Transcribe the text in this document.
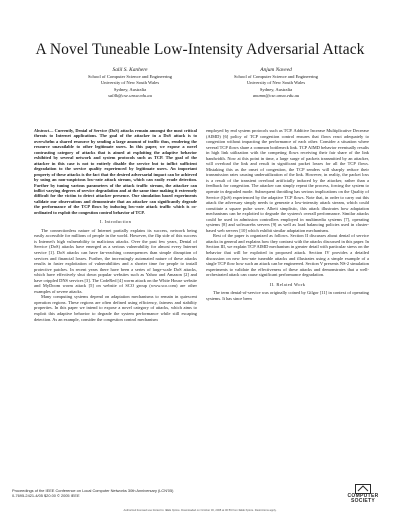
A Novel Tuneable Low-Intensity Adversarial Attack
Salil S. Kanhere
School of Computer Science and Engineering
University of New South Wales
Sydney, Australia
salilk@cse.unsw.edu.au
Anjum Naveed
School of Computer Science and Engineering
University of New South Wales
Sydney, Australia
anumn@cse.unsw.edu.au

Abstract— Currently, Denial of Service (DoS) attacks remain amongst the most critical threats to Internet applications. The goal of the attacker in a DoS attack is to overwhelm a shared resource by sending a large amount of traffic thus, rendering the resource unavailable to other legitimate users. In this paper, we expose a novel contrasting category of attacks that is aimed at exploiting the adaptive behavior exhibited by several network and system protocols such as TCP. The goal of the attacker in this case is not to entirely disable the service but to inflict sufficient degradation to the service quality experienced by legitimate users. An important property of these attacks is the fact that the desired adversarial impact can be achieved by using an non-suspicious low-rate attack stream, which can easily evade detection. Further by tuning various parameters of the attack traffic stream, the attacker can inflict varying degrees of service degradation and at the same time making it extremely difficult for the victim to detect attacker presence. Our simulation based experiments validate our observations and demonstrate that an attacker can significantly degrade the performance of the TCP flows by inducing low-rate attack traffic which is co-ordinated to exploit the congestion control behavior of TCP.

I. Introduction

The connectionless nature of Internet partially explains its success, network being easily accessible for millions of people in the world. However, the flip side of this success is Internet's high vulnerability to malicious attacks. Over the past few years, Denial of Service (DoS) attacks have emerged as a serious vulnerability for almost every Internet service [1]. DoS attacks can have far-reaching consequences than simple disruption of services and financial losses. Further, the increasingly automated nature of these attacks results in faster exploitation of vulnerabilities and a shorter time for people to install protective patches. In recent years there have been a series of large-scale DoS attacks, which have effectively shut down popular websites such as Yahoo and Amazon [2] and have crippled DNS services [3]. The CodeRed [4] worm attack on the White House website and MyDoom worm attack [5] on website of SCO group (www.sco.com) are other examples of severe attacks.

Many computing systems depend on adaptation mechanisms to remain in quiescent operation regions. These regions are often defined using efficiency, fairness and stability properties. In this paper we intend to expose a novel category of attacks, which aims to exploit this adaptive behavior to degrade the system performance while still escaping detection. As an example, consider the congestion control mechanism

employed by end system protocols such as TCP. Additive Increase Multiplicative Decrease (AIMD) [6] policy of TCP congestion control ensures that flows react adequately to congestion without impacting the performance of each other. Consider a situation where several TCP flows share a common bottleneck link. TCP AIMD behavior eventually results in high link utilization with the competing flows receiving their fair share of the link bandwidth. Now at this point in time, a large surge of packets transmitted by an attacker, will overload the link and result in significant packet losses for all the TCP flows. Mistaking this as the onset of congestion, the TCP senders will sharply reduce their transmission rates causing underutilization of the link. However, in reality, the packet loss is a result of the transient overload artificially induced by the attacker, rather than a feedback for congestion. The attacker can simply repeat the process, forcing the system to operate in degraded mode. Subsequent throttling has serious implications on the Quality of Service (QoS) experienced by the adaptive TCP flows. Note that, in order to carry out this attack the adversary simply needs to generate a low-intensity attack stream, which could constitute a square pulse wave. Albeit simplistic, this attack illustrates how adaptation mechanisms can be exploited to degrade the system's overall performance. Similar attacks could be used in admission controllers employed in multimedia systems [7], operating systems [8] and softwarebs servers [9] as well as load balancing policies used in cluster-based web servers [10] which exhibit similar adaptation mechanisms.

Rest of the paper is organized as follows. Section II discusses about denial of service attacks in general and explains how they contrast with the attacks discussed in this paper. In Section III, we explain TCP AIMD mechanism in greater detail with particular stress on the behavior that will be exploited in proposed attack. Section IV provides a detailed discussion on new low-rate tuneable attacks and illustrates using a simple example of a single TCP flow how such an attack can be engineered. Section V presents NS-2 simulation experiments to validate the effectiveness of these attacks and demonstrates that a well-orchestrated attack can cause significant performance degradation.

II. Related Work

The term denial-of-service was originally coined by Gilgor [11] in context of operating systems. It has since been

Proceedings of the IEEE Conference on Local Computer Networks 30th Anniversary (LCN'05)
0-7695-2421-4/05 $20.00 © 2005 IEEE	COMPUTER
SOCIETY
Authorized licensed use limited to: IEEE Xplore. Downloaded on October 30, 2008 at 00:59 from IEEE Xplore. Restrictions apply.
